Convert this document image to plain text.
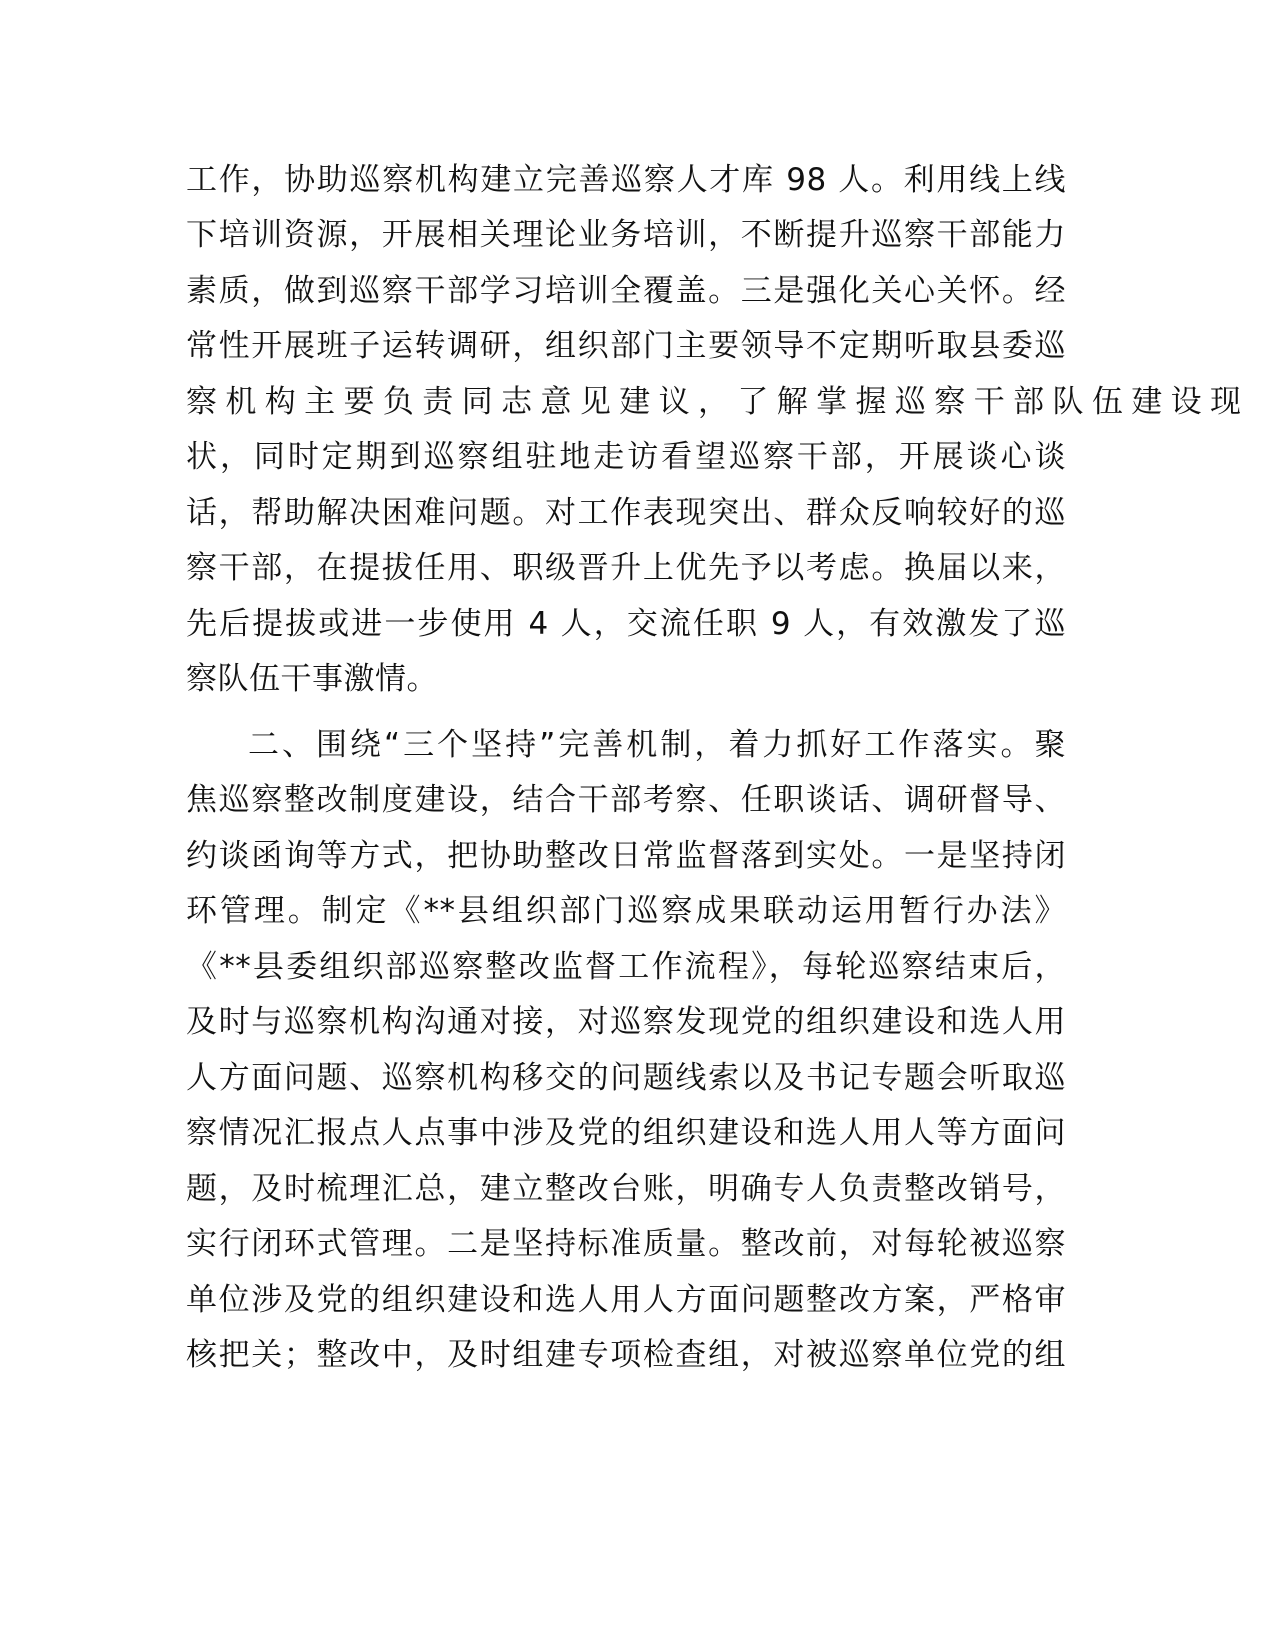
工作，协助巡察机构建立完善巡察人才库 98 人。利用线上线
下培训资源，开展相关理论业务培训，不断提升巡察干部能力
素质，做到巡察干部学习培训全覆盖。三是强化关心关怀。经
常性开展班子运转调研，组织部门主要领导不定期听取县委巡
察机构主要负责同志意见建议，了解掌握巡察干部队伍建设现
状，同时定期到巡察组驻地走访看望巡察干部，开展谈心谈
话，帮助解决困难问题。对工作表现突出、群众反响较好的巡
察干部，在提拔任用、职级晋升上优先予以考虑。换届以来，
先后提拔或进一步使用 4 人，交流任职 9 人，有效激发了巡
察队伍干事激情。
二、围绕“三个坚持”完善机制，着力抓好工作落实。聚
焦巡察整改制度建设，结合干部考察、任职谈话、调研督导、
约谈函询等方式，把协助整改日常监督落到实处。一是坚持闭
环管理。制定《**县组织部门巡察成果联动运用暂行办法》
《**县委组织部巡察整改监督工作流程》，每轮巡察结束后，
及时与巡察机构沟通对接，对巡察发现党的组织建设和选人用
人方面问题、巡察机构移交的问题线索以及书记专题会听取巡
察情况汇报点人点事中涉及党的组织建设和选人用人等方面问
题，及时梳理汇总，建立整改台账，明确专人负责整改销号，
实行闭环式管理。二是坚持标准质量。整改前，对每轮被巡察
单位涉及党的组织建设和选人用人方面问题整改方案，严格审
核把关；整改中，及时组建专项检查组，对被巡察单位党的组
